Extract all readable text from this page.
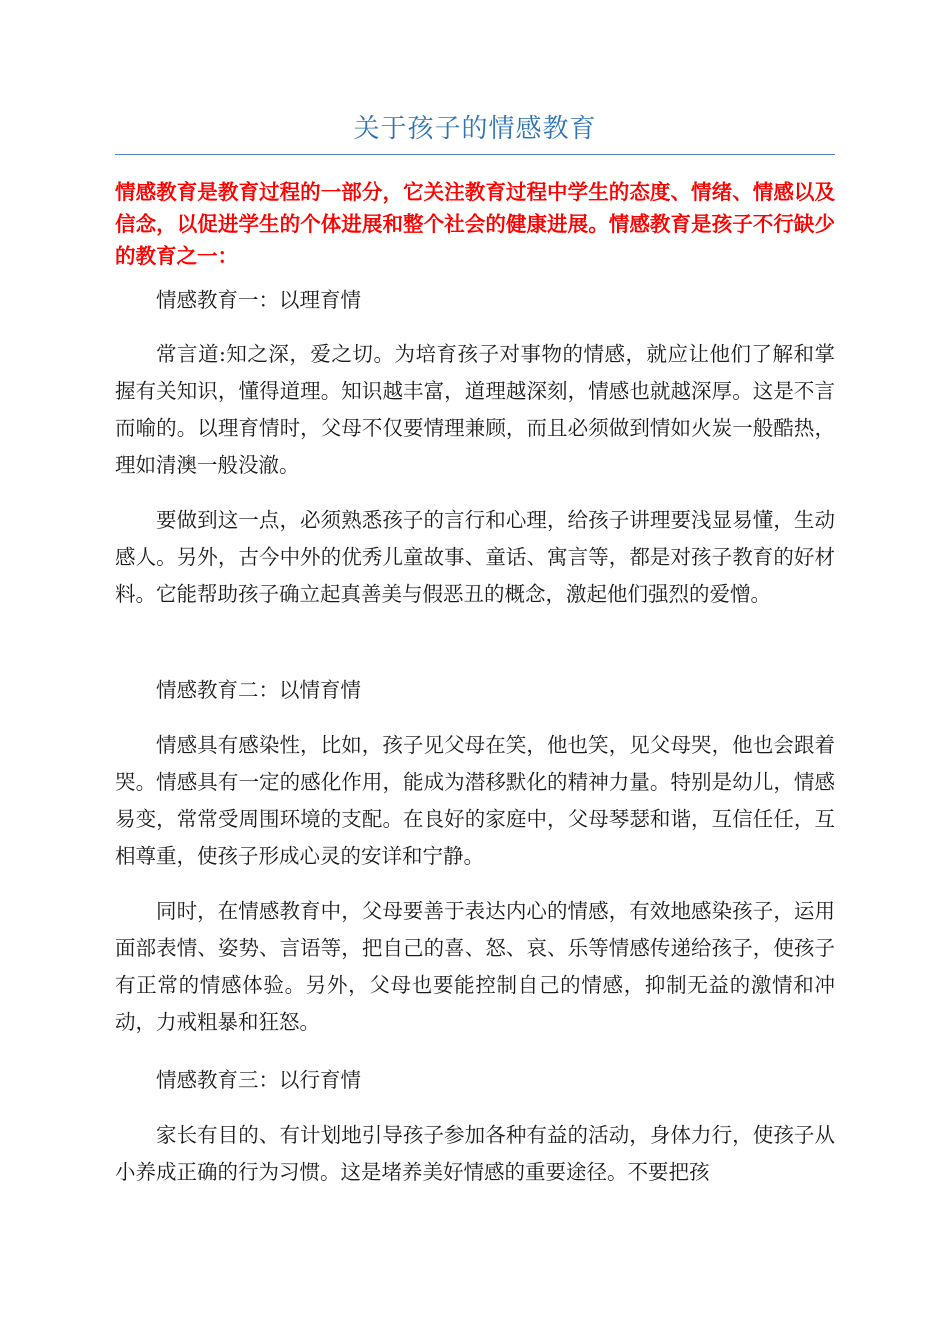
关于孩子的情感教育

情感教育是教育过程的一部分，它关注教育过程中学生的态度、情绪、情感以及信念，以促进学生的个体进展和整个社会的健康进展。情感教育是孩子不行缺少的教育之一：

情感教育一：以理育情

常言道:知之深，爱之切。为培育孩子对事物的情感，就应让他们了解和掌握有关知识，懂得道理。知识越丰富，道理越深刻，情感也就越深厚。这是不言而喻的。以理育情时，父母不仅要情理兼顾，而且必须做到情如火炭一般酷热，理如清澳一般没澈。

要做到这一点，必须熟悉孩子的言行和心理，给孩子讲理要浅显易懂，生动感人。另外，古今中外的优秀儿童故事、童话、寓言等，都是对孩子教育的好材料。它能帮助孩子确立起真善美与假恶丑的概念，激起他们强烈的爱憎。

情感教育二：以情育情

情感具有感染性，比如，孩子见父母在笑，他也笑，见父母哭，他也会跟着哭。情感具有一定的感化作用，能成为潜移默化的精神力量。特别是幼儿，情感易变，常常受周围环境的支配。在良好的家庭中，父母琴瑟和谐，互信任任，互相尊重，使孩子形成心灵的安详和宁静。

同时，在情感教育中，父母要善于表达内心的情感，有效地感染孩子，运用面部表情、姿势、言语等，把自己的喜、怒、哀、乐等情感传递给孩子，使孩子有正常的情感体验。另外，父母也要能控制自己的情感，抑制无益的激情和冲动，力戒粗暴和狂怒。

情感教育三：以行育情

家长有目的、有计划地引导孩子参加各种有益的活动，身体力行，使孩子从小养成正确的行为习惯。这是堵养美好情感的重要途径。不要把孩
